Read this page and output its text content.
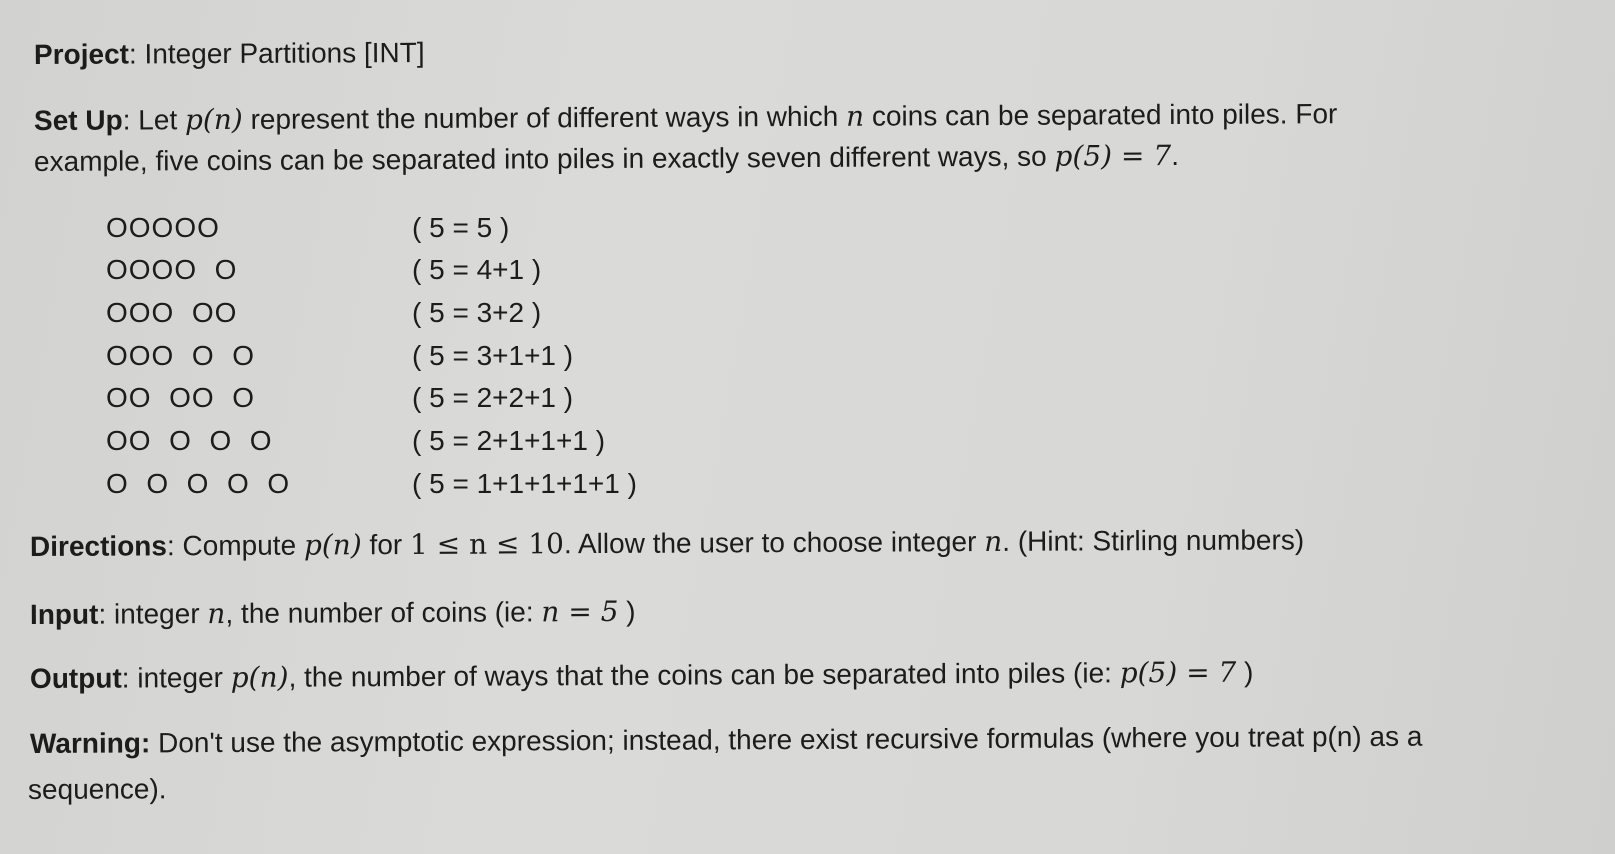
Project: Integer Partitions [INT]
Set Up: Let p(n) represent the number of different ways in which n coins can be separated into piles. For
example, five coins can be separated into piles in exactly seven different ways, so p(5) = 7.
OOOOO	( 5 = 5 )
OOOO  O	( 5 = 4+1 )
OOO  OO	( 5 = 3+2 )
OOO  O  O	( 5 = 3+1+1 )
OO  OO  O	( 5 = 2+2+1 )
OO  O  O  O	( 5 = 2+1+1+1 )
O  O  O  O  O	( 5 = 1+1+1+1+1 )
Directions: Compute p(n) for 1 ≤ n ≤ 10. Allow the user to choose integer n. (Hint: Stirling numbers)
Input: integer n, the number of coins (ie: n = 5 )
Output: integer p(n), the number of ways that the coins can be separated into piles (ie: p(5) = 7 )
Warning: Don't use the asymptotic expression; instead, there exist recursive formulas (where you treat p(n) as a
sequence).
